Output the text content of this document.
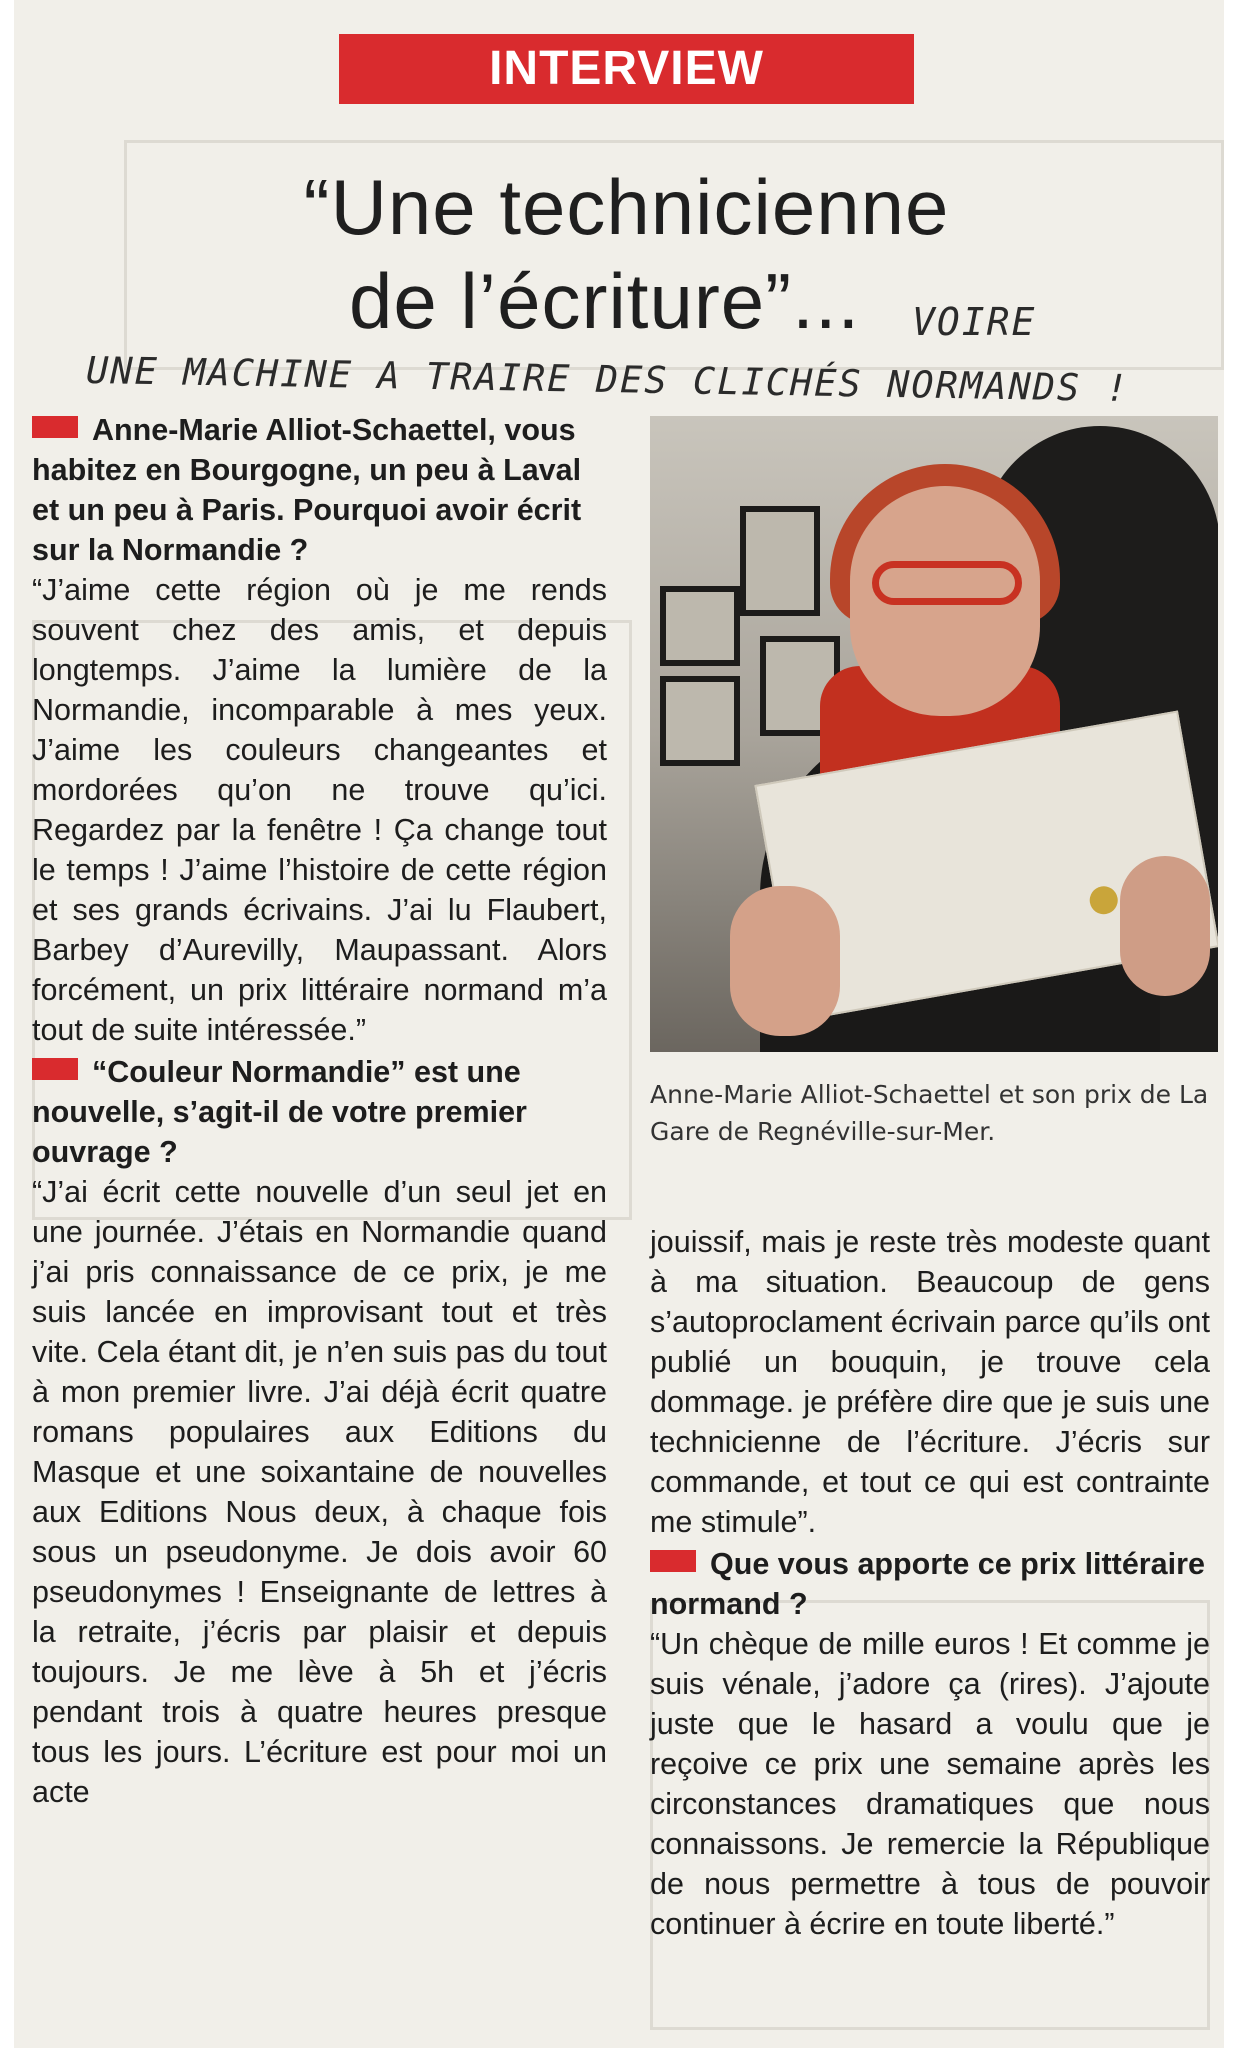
INTERVIEW
“Une technicienne
de l’écriture”...	VOIRE
UNE MACHINE A TRAIRE DES CLICHÉS NORMANDS !

Anne-Marie Alliot-Schaettel, vous habitez en Bourgogne, un peu à Laval et un peu à Paris. Pourquoi avoir écrit sur la Normandie ?

“J’aime cette région où je me rends souvent chez des amis, et depuis longtemps. J’aime la lumière de la Normandie, incomparable à mes yeux. J’aime les couleurs changeantes et mordorées qu’on ne trouve qu’ici. Regardez par la fenêtre ! Ça change tout le temps ! J’aime l’histoire de cette région et ses grands écrivains. J’ai lu Flaubert, Barbey d’Aurevilly, Maupassant. Alors forcément, un prix littéraire normand m’a tout de suite intéressée.”

“Couleur Normandie” est une nouvelle, s’agit-il de votre premier ouvrage ?

“J’ai écrit cette nouvelle d’un seul jet en une journée. J’étais en Normandie quand j’ai pris connaissance de ce prix, je me suis lancée en improvisant tout et très vite. Cela étant dit, je n’en suis pas du tout à mon premier livre. J’ai déjà écrit quatre romans populaires aux Editions du Masque et une soixantaine de nouvelles aux Editions Nous deux, à chaque fois sous un pseudonyme. Je dois avoir 60 pseudonymes ! Enseignante de lettres à la retraite, j’écris par plaisir et depuis toujours. Je me lève à 5h et j’écris pendant trois à quatre heures presque tous les jours. L’écriture est pour moi un acte

Anne-Marie Alliot-Schaettel et son prix de La Gare de Regnéville-sur-Mer.

jouissif, mais je reste très modeste quant à ma situation. Beaucoup de gens s’autoproclament écrivain parce qu’ils ont publié un bouquin, je trouve cela dommage. je préfère dire que je suis une technicienne de l’écriture. J’écris sur commande, et tout ce qui est contrainte me stimule”.

Que vous apporte ce prix littéraire normand ?

“Un chèque de mille euros ! Et comme je suis vénale, j’adore ça (rires). J’ajoute juste que le hasard a voulu que je reçoive ce prix une semaine après les circonstances dramatiques que nous connaissons. Je remercie la République de nous permettre à tous de pouvoir continuer à écrire en toute liberté.”
